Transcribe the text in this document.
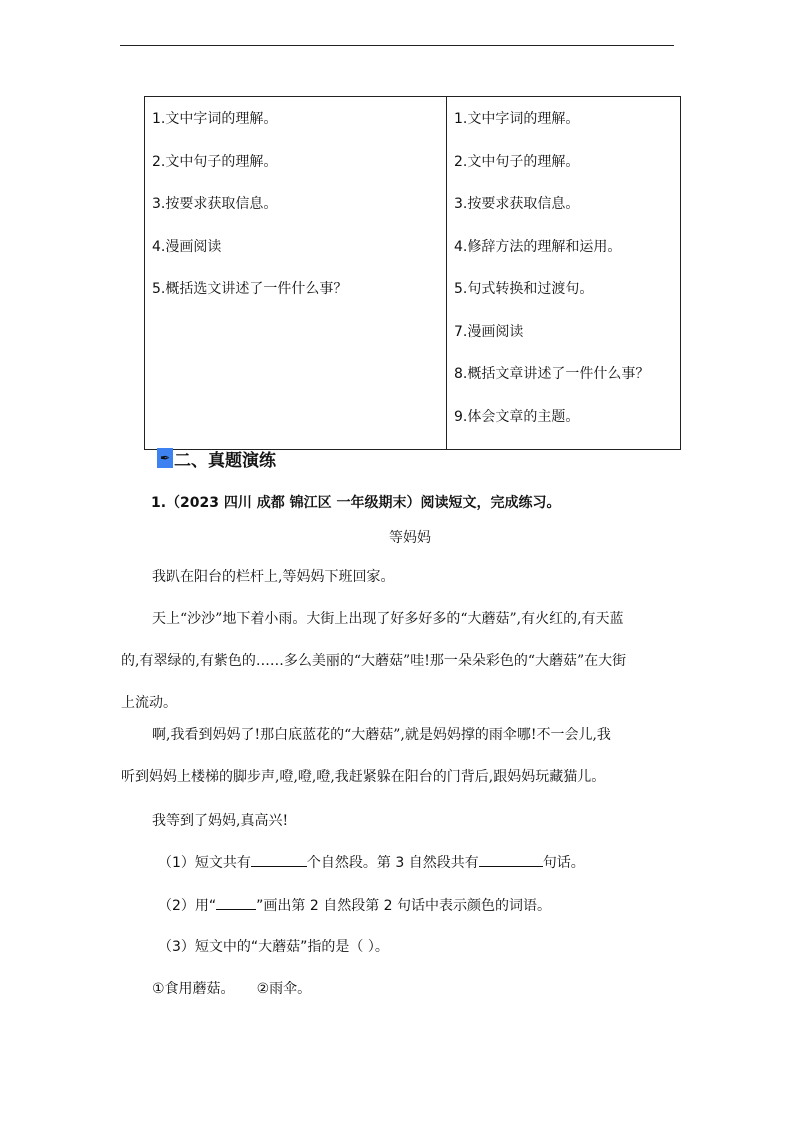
1.文中字词的理解。
2.文中句子的理解。
3.按要求获取信息。
4.漫画阅读
5.概括选文讲述了一件什么事？

1.文中字词的理解。
2.文中句子的理解。
3.按要求获取信息。
4.修辞方法的理解和运用。
5.句式转换和过渡句。
7.漫画阅读
8.概括文章讲述了一件什么事？
9.体会文章的主题。
✒ 二、真题演练
1.（2023 四川 成都 锦江区 一年级期末）阅读短文，完成练习。
等妈妈
我趴在阳台的栏杆上,等妈妈下班回家。
天上“沙沙”地下着小雨。大街上出现了好多好多的“大蘑菇”,有火红的,有天蓝
的,有翠绿的,有紫色的……多么美丽的“大蘑菇”哇!那一朵朵彩色的“大蘑菇”在大街
上流动。
啊,我看到妈妈了!那白底蓝花的“大蘑菇”,就是妈妈撑的雨伞哪!不一会儿,我
听到妈妈上楼梯的脚步声,噔,噔,噔,我赶紧躲在阳台的门背后,跟妈妈玩藏猫儿。
我等到了妈妈,真高兴!
（1）短文共有	个自然段。第 3 自然段共有	句话。
（2）用“	”画出第 2 自然段第 2 句话中表示颜色的词语。
（3）短文中的“大蘑菇”指的是（ ）。
①食用蘑菇。 ②雨伞。
